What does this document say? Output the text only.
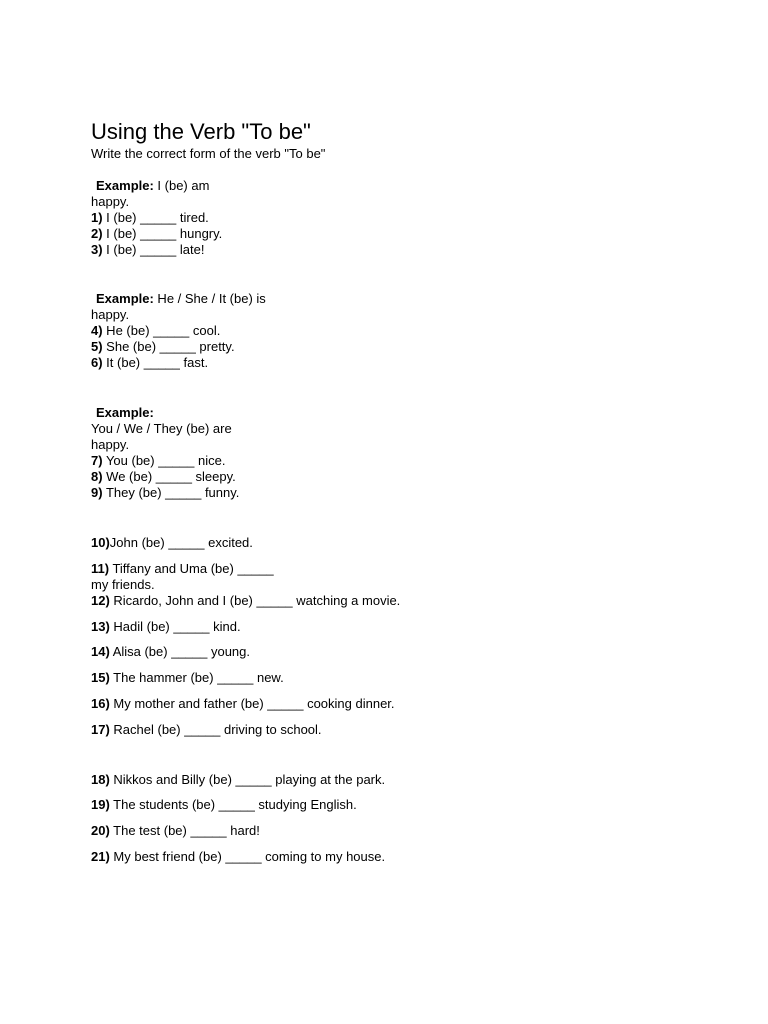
Using the Verb "To be"
Write the correct form of the verb "To be"
Example: I (be) am
happy.
1) I (be) _____ tired.
2) I (be) _____ hungry.
3) I (be) _____ late!
Example: He / She / It (be) is
happy.
4) He (be) _____ cool.
5) She (be) _____ pretty.
6) It (be) _____ fast.
Example:
You / We / They (be) are
happy.
7) You (be) _____ nice.
8) We (be) _____ sleepy.
9) They (be) _____ funny.
10)John (be) _____ excited.
11) Tiffany and Uma (be) _____
my friends.
12) Ricardo, John and I (be) _____ watching a movie.
13) Hadil (be) _____ kind.
14) Alisa (be) _____ young.
15) The hammer (be) _____ new.
16) My mother and father (be) _____ cooking dinner.
17) Rachel (be) _____ driving to school.
18) Nikkos and Billy (be) _____ playing at the park.
19) The students (be) _____ studying English.
20) The test (be) _____ hard!
21) My best friend (be) _____ coming to my house.
